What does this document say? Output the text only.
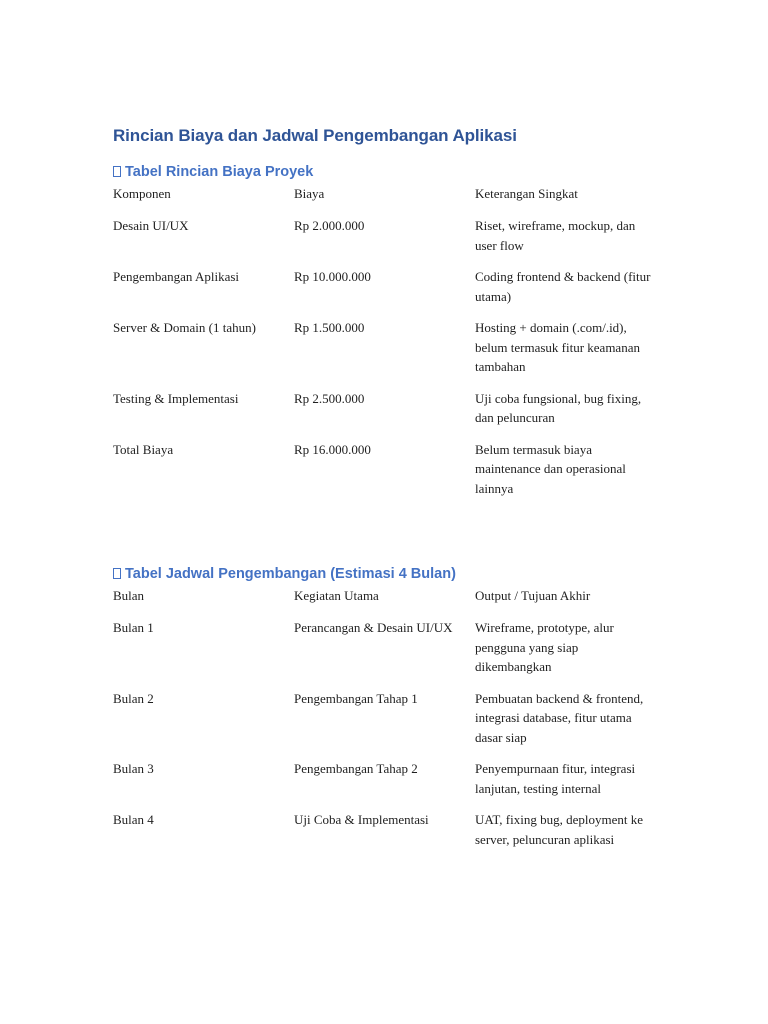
Rincian Biaya dan Jadwal Pengembangan Aplikasi
Tabel Rincian Biaya Proyek
Komponen	Biaya	Keterangan Singkat
Desain UI/UX	Rp 2.000.000	Riset, wireframe, mockup, dan user flow
Pengembangan Aplikasi	Rp 10.000.000	Coding frontend & backend (fitur utama)
Server & Domain (1 tahun)	Rp 1.500.000	Hosting + domain (.com/.id), belum termasuk fitur keamanan tambahan
Testing & Implementasi	Rp 2.500.000	Uji coba fungsional, bug fixing, dan peluncuran
Total Biaya	Rp 16.000.000	Belum termasuk biaya maintenance dan operasional lainnya
Tabel Jadwal Pengembangan (Estimasi 4 Bulan)
Bulan	Kegiatan Utama	Output / Tujuan Akhir
Bulan 1	Perancangan & Desain UI/UX	Wireframe, prototype, alur pengguna yang siap dikembangkan
Bulan 2	Pengembangan Tahap 1	Pembuatan backend & frontend, integrasi database, fitur utama dasar siap
Bulan 3	Pengembangan Tahap 2	Penyempurnaan fitur, integrasi lanjutan, testing internal
Bulan 4	Uji Coba & Implementasi	UAT, fixing bug, deployment ke server, peluncuran aplikasi
